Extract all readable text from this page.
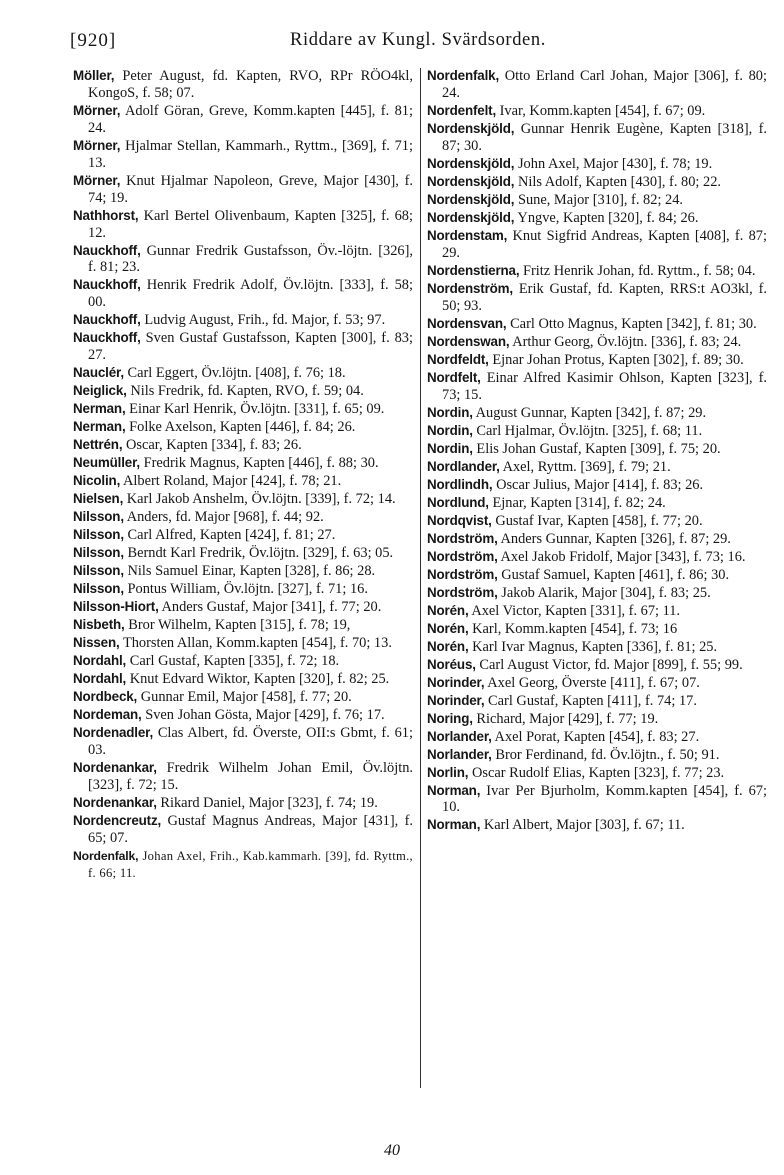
[920]	Riddare av Kungl. Svärdsorden.

Möller, Peter August, fd. Kapten, RVO, RPr RÖO4kl, KongoS, f. 58; 07.

Mörner, Adolf Göran, Greve, Komm.kapten [445], f. 81; 24.

Mörner, Hjalmar Stellan, Kammarh., Ryttm., [369], f. 71; 13.

Mörner, Knut Hjalmar Napoleon, Greve, Major [430], f. 74; 19.

Nathhorst, Karl Bertel Olivenbaum, Kapten [325], f. 68; 12.

Nauckhoff, Gunnar Fredrik Gustafsson, Öv.-löjtn. [326], f. 81; 23.

Nauckhoff, Henrik Fredrik Adolf, Öv.löjtn. [333], f. 58; 00.

Nauckhoff, Ludvig August, Frih., fd. Major, f. 53; 97.

Nauckhoff, Sven Gustaf Gustafsson, Kapten [300], f. 83; 27.

Nauclér, Carl Eggert, Öv.löjtn. [408], f. 76; 18.

Neiglick, Nils Fredrik, fd. Kapten, RVO, f. 59; 04.

Nerman, Einar Karl Henrik, Öv.löjtn. [331], f. 65; 09.

Nerman, Folke Axelson, Kapten [446], f. 84; 26.

Nettrén, Oscar, Kapten [334], f. 83; 26.

Neumüller, Fredrik Magnus, Kapten [446], f. 88; 30.

Nicolin, Albert Roland, Major [424], f. 78; 21.

Nielsen, Karl Jakob Anshelm, Öv.löjtn. [339], f. 72; 14.

Nilsson, Anders, fd. Major [968], f. 44; 92.

Nilsson, Carl Alfred, Kapten [424], f. 81; 27.

Nilsson, Berndt Karl Fredrik, Öv.löjtn. [329], f. 63; 05.

Nilsson, Nils Samuel Einar, Kapten [328], f. 86; 28.

Nilsson, Pontus William, Öv.löjtn. [327], f. 71; 16.

Nilsson-Hiort, Anders Gustaf, Major [341], f. 77; 20.

Nisbeth, Bror Wilhelm, Kapten [315], f. 78; 19,

Nissen, Thorsten Allan, Komm.kapten [454], f. 70; 13.

Nordahl, Carl Gustaf, Kapten [335], f. 72; 18.

Nordahl, Knut Edvard Wiktor, Kapten [320], f. 82; 25.

Nordbeck, Gunnar Emil, Major [458], f. 77; 20.

Nordeman, Sven Johan Gösta, Major [429], f. 76; 17.

Nordenadler, Clas Albert, fd. Överste, OII:s Gbmt, f. 61; 03.

Nordenankar, Fredrik Wilhelm Johan Emil, Öv.löjtn. [323], f. 72; 15.

Nordenankar, Rikard Daniel, Major [323], f. 74; 19.

Nordencreutz, Gustaf Magnus Andreas, Major [431], f. 65; 07.

Nordenfalk, Johan Axel, Frih., Kab.kammarh. [39], fd. Ryttm., f. 66; 11.

Nordenfalk, Otto Erland Carl Johan, Major [306], f. 80; 24.

Nordenfelt, Ivar, Komm.kapten [454], f. 67; 09.

Nordenskjöld, Gunnar Henrik Eugène, Kapten [318], f. 87; 30.

Nordenskjöld, John Axel, Major [430], f. 78; 19.

Nordenskjöld, Nils Adolf, Kapten [430], f. 80; 22.

Nordenskjöld, Sune, Major [310], f. 82; 24.

Nordenskjöld, Yngve, Kapten [320], f. 84; 26.

Nordenstam, Knut Sigfrid Andreas, Kapten [408], f. 87; 29.

Nordenstierna, Fritz Henrik Johan, fd. Ryttm., f. 58; 04.

Nordenström, Erik Gustaf, fd. Kapten, RRS:t AO3kl, f. 50; 93.

Nordensvan, Carl Otto Magnus, Kapten [342], f. 81; 30.

Nordenswan, Arthur Georg, Öv.löjtn. [336], f. 83; 24.

Nordfeldt, Ejnar Johan Protus, Kapten [302], f. 89; 30.

Nordfelt, Einar Alfred Kasimir Ohlson, Kapten [323], f. 73; 15.

Nordin, August Gunnar, Kapten [342], f. 87; 29.

Nordin, Carl Hjalmar, Öv.löjtn. [325], f. 68; 11.

Nordin, Elis Johan Gustaf, Kapten [309], f. 75; 20.

Nordlander, Axel, Ryttm. [369], f. 79; 21.

Nordlindh, Oscar Julius, Major [414], f. 83; 26.

Nordlund, Ejnar, Kapten [314], f. 82; 24.

Nordqvist, Gustaf Ivar, Kapten [458], f. 77; 20.

Nordström, Anders Gunnar, Kapten [326], f. 87; 29.

Nordström, Axel Jakob Fridolf, Major [343], f. 73; 16.

Nordström, Gustaf Samuel, Kapten [461], f. 86; 30.

Nordström, Jakob Alarik, Major [304], f. 83; 25.

Norén, Axel Victor, Kapten [331], f. 67; 11.

Norén, Karl, Komm.kapten [454], f. 73; 16

Norén, Karl Ivar Magnus, Kapten [336], f. 81; 25.

Noréus, Carl August Victor, fd. Major [899], f. 55; 99.

Norinder, Axel Georg, Överste [411], f. 67; 07.

Norinder, Carl Gustaf, Kapten [411], f. 74; 17.

Noring, Richard, Major [429], f. 77; 19.

Norlander, Axel Porat, Kapten [454], f. 83; 27.

Norlander, Bror Ferdinand, fd. Öv.löjtn., f. 50; 91.

Norlin, Oscar Rudolf Elias, Kapten [323], f. 77; 23.

Norman, Ivar Per Bjurholm, Komm.kapten [454], f. 67; 10.

Norman, Karl Albert, Major [303], f. 67; 11.

40
